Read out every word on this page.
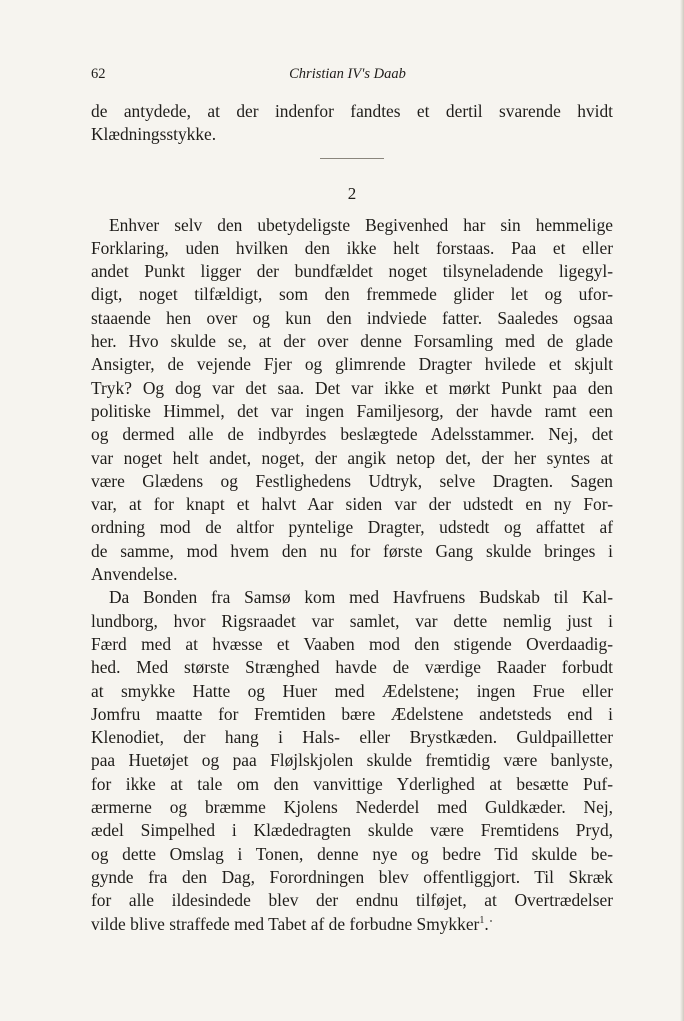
62	Christian IV's Daab
de antydede, at der indenfor fandtes et dertil svarende hvidt
Klædningsstykke.
2
Enhver selv den ubetydeligste Begivenhed har sin hemmelige
Forklaring, uden hvilken den ikke helt forstaas. Paa et eller
andet Punkt ligger der bundfældet noget tilsyneladende ligegyl-
digt, noget tilfældigt, som den fremmede glider let og ufor-
staaende hen over og kun den indviede fatter. Saaledes ogsaa
her. Hvo skulde se, at der over denne Forsamling med de glade
Ansigter, de vejende Fjer og glimrende Dragter hvilede et skjult
Tryk? Og dog var det saa. Det var ikke et mørkt Punkt paa den
politiske Himmel, det var ingen Familjesorg, der havde ramt een
og dermed alle de indbyrdes beslægtede Adelsstammer. Nej, det
var noget helt andet, noget, der angik netop det, der her syntes at
være Glædens og Festlighedens Udtryk, selve Dragten. Sagen
var, at for knapt et halvt Aar siden var der udstedt en ny For-
ordning mod de altfor pyntelige Dragter, udstedt og affattet af
de samme, mod hvem den nu for første Gang skulde bringes i
Anvendelse.
Da Bonden fra Samsø kom med Havfruens Budskab til Kal-
lundborg, hvor Rigsraadet var samlet, var dette nemlig just i
Færd med at hvæsse et Vaaben mod den stigende Overdaadig-
hed. Med største Strænghed havde de værdige Raader forbudt
at smykke Hatte og Huer med Ædelstene; ingen Frue eller
Jomfru maatte for Fremtiden bære Ædelstene andetsteds end i
Klenodiet, der hang i Hals- eller Brystkæden. Guldpailletter
paa Huetøjet og paa Fløjlskjolen skulde fremtidig være banlyste,
for ikke at tale om den vanvittige Yderlighed at besætte Puf-
ærmerne og bræmme Kjolens Nederdel med Guldkæder. Nej,
ædel Simpelhed i Klædedragten skulde være Fremtidens Pryd,
og dette Omslag i Tonen, denne nye og bedre Tid skulde be-
gynde fra den Dag, Forordningen blev offentliggjort. Til Skræk
for alle ildesindede blev der endnu tilføjet, at Overtrædelser
vilde blive straffede med Tabet af de forbudne Smykker$^1$.
